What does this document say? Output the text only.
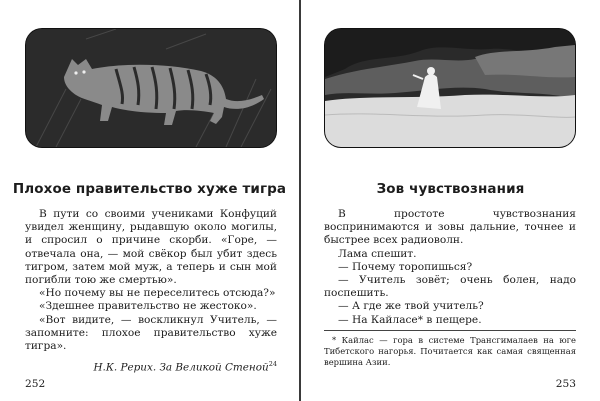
Плохое правительство хуже тигра

В пути со своими учениками Конфуций увидел женщину, рыдавшую около могилы, и спросил о причине скорби. «Горе, — отвечала она, — мой свёкор был убит здесь тигром, затем мой муж, а теперь и сын мой погибли тою же смертью».

«Но почему вы не переселитесь отсюда?»

«Здешнее правительство не жестоко».

«Вот видите, — воскликнул Учитель, — запомните: плохое правительство хуже тигра».

Н.К. Рерих. За Великой Стеной$^{24}$

252
Зов чувствознания

В простоте чувствознания воспринимаются и зовы дальние, точнее и быстрее всех радиоволн.

Лама спешит.

— Почему торопишься?

— Учитель зовёт; очень болен, надо поспешить.

— А где же твой учитель?

— На Кайласе* в пещере.

* Кайлас — гора в системе Трансгималаев на юге Тибетского нагорья. Почитается как самая священная вершина Азии.

253
